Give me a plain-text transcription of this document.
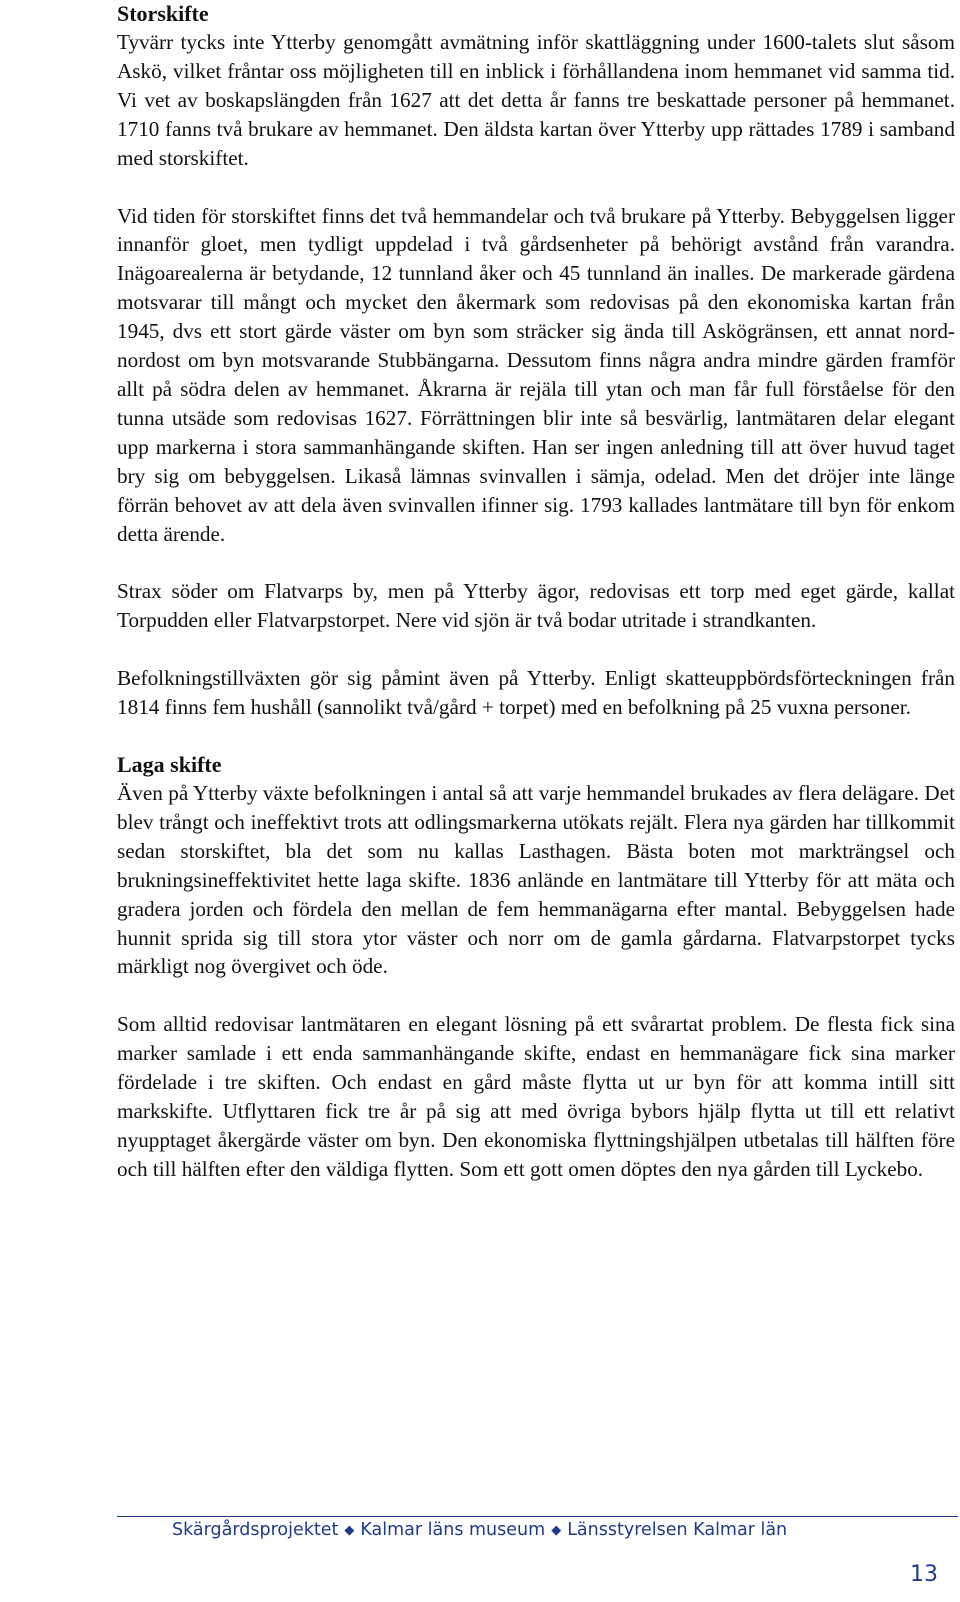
Storskifte

Tyvärr tycks inte Ytterby genomgått avmätning inför skattläggning under 1600-talets slut såsom Askö, vilket fråntar oss möjligheten till en inblick i förhållandena inom hemmanet vid samma tid. Vi vet av boskapslängden från 1627 att det detta år fanns tre beskattade personer på hemmanet. 1710 fanns två brukare av hemmanet. Den äldsta kartan över Ytterby upp rättades 1789 i samband med storskiftet.

Vid tiden för storskiftet finns det två hemmandelar och två brukare på Ytterby. Bebyggelsen ligger innanför gloet, men tydligt uppdelad i två gårdsenheter på behörigt avstånd från varandra. Inägoarealerna är betydande, 12 tunnland åker och 45 tunnland än inalles. De markerade gärdena motsvarar till mångt och mycket den åkermark som redovisas på den ekonomiska kartan från 1945, dvs ett stort gärde väster om byn som sträcker sig ända till Askögränsen, ett annat nord-nordost om byn motsvarande Stubbängarna. Dessutom finns några andra mindre gärden framför allt på södra delen av hemmanet. Åkrarna är rejäla till ytan och man får full förståelse för den tunna utsäde som redovisas 1627. Förrättningen blir inte så besvärlig, lantmätaren delar elegant upp markerna i stora sammanhängande skiften. Han ser ingen anledning till att över huvud taget bry sig om bebyggelsen. Likaså lämnas svinvallen i sämja, odelad. Men det dröjer inte länge förrän behovet av att dela även svinvallen ifinner sig. 1793 kallades lantmätare till byn för enkom detta ärende.

Strax söder om Flatvarps by, men på Ytterby ägor, redovisas ett torp med eget gärde, kallat Torpudden eller Flatvarpstorpet. Nere vid sjön är två bodar utritade i strandkanten.

Befolkningstillväxten gör sig påmint även på Ytterby. Enligt skatteuppbördsförteckningen från 1814 finns fem hushåll (sannolikt två/gård + torpet) med en befolkning på 25 vuxna personer.

Laga skifte

Även på Ytterby växte befolkningen i antal så att varje hemmandel brukades av flera delägare. Det blev trångt och ineffektivt trots att odlingsmarkerna utökats rejält. Flera nya gärden har tillkommit sedan storskiftet, bla det som nu kallas Lasthagen. Bästa boten mot markträngsel och brukningsineffektivitet hette laga skifte. 1836 anlände en lantmätare till Ytterby för att mäta och gradera jorden och fördela den mellan de fem hemmanägarna efter mantal. Bebyggelsen hade hunnit sprida sig till stora ytor väster och norr om de gamla gårdarna. Flatvarpstorpet tycks märkligt nog övergivet och öde.

Som alltid redovisar lantmätaren en elegant lösning på ett svårartat problem. De flesta fick sina marker samlade i ett enda sammanhängande skifte, endast en hemmanägare fick sina marker fördelade i tre skiften. Och endast en gård måste flytta ut ur byn för att komma intill sitt markskifte. Utflyttaren fick tre år på sig att med övriga bybors hjälp flytta ut till ett relativt nyupptaget åkergärde väster om byn. Den ekonomiska flyttningshjälpen utbetalas till hälften före och till hälften efter den väldiga flytten. Som ett gott omen döptes den nya gården till Lyckebo.

Skärgårdsprojektet ◆ Kalmar läns museum ◆ Länsstyrelsen Kalmar län
13
